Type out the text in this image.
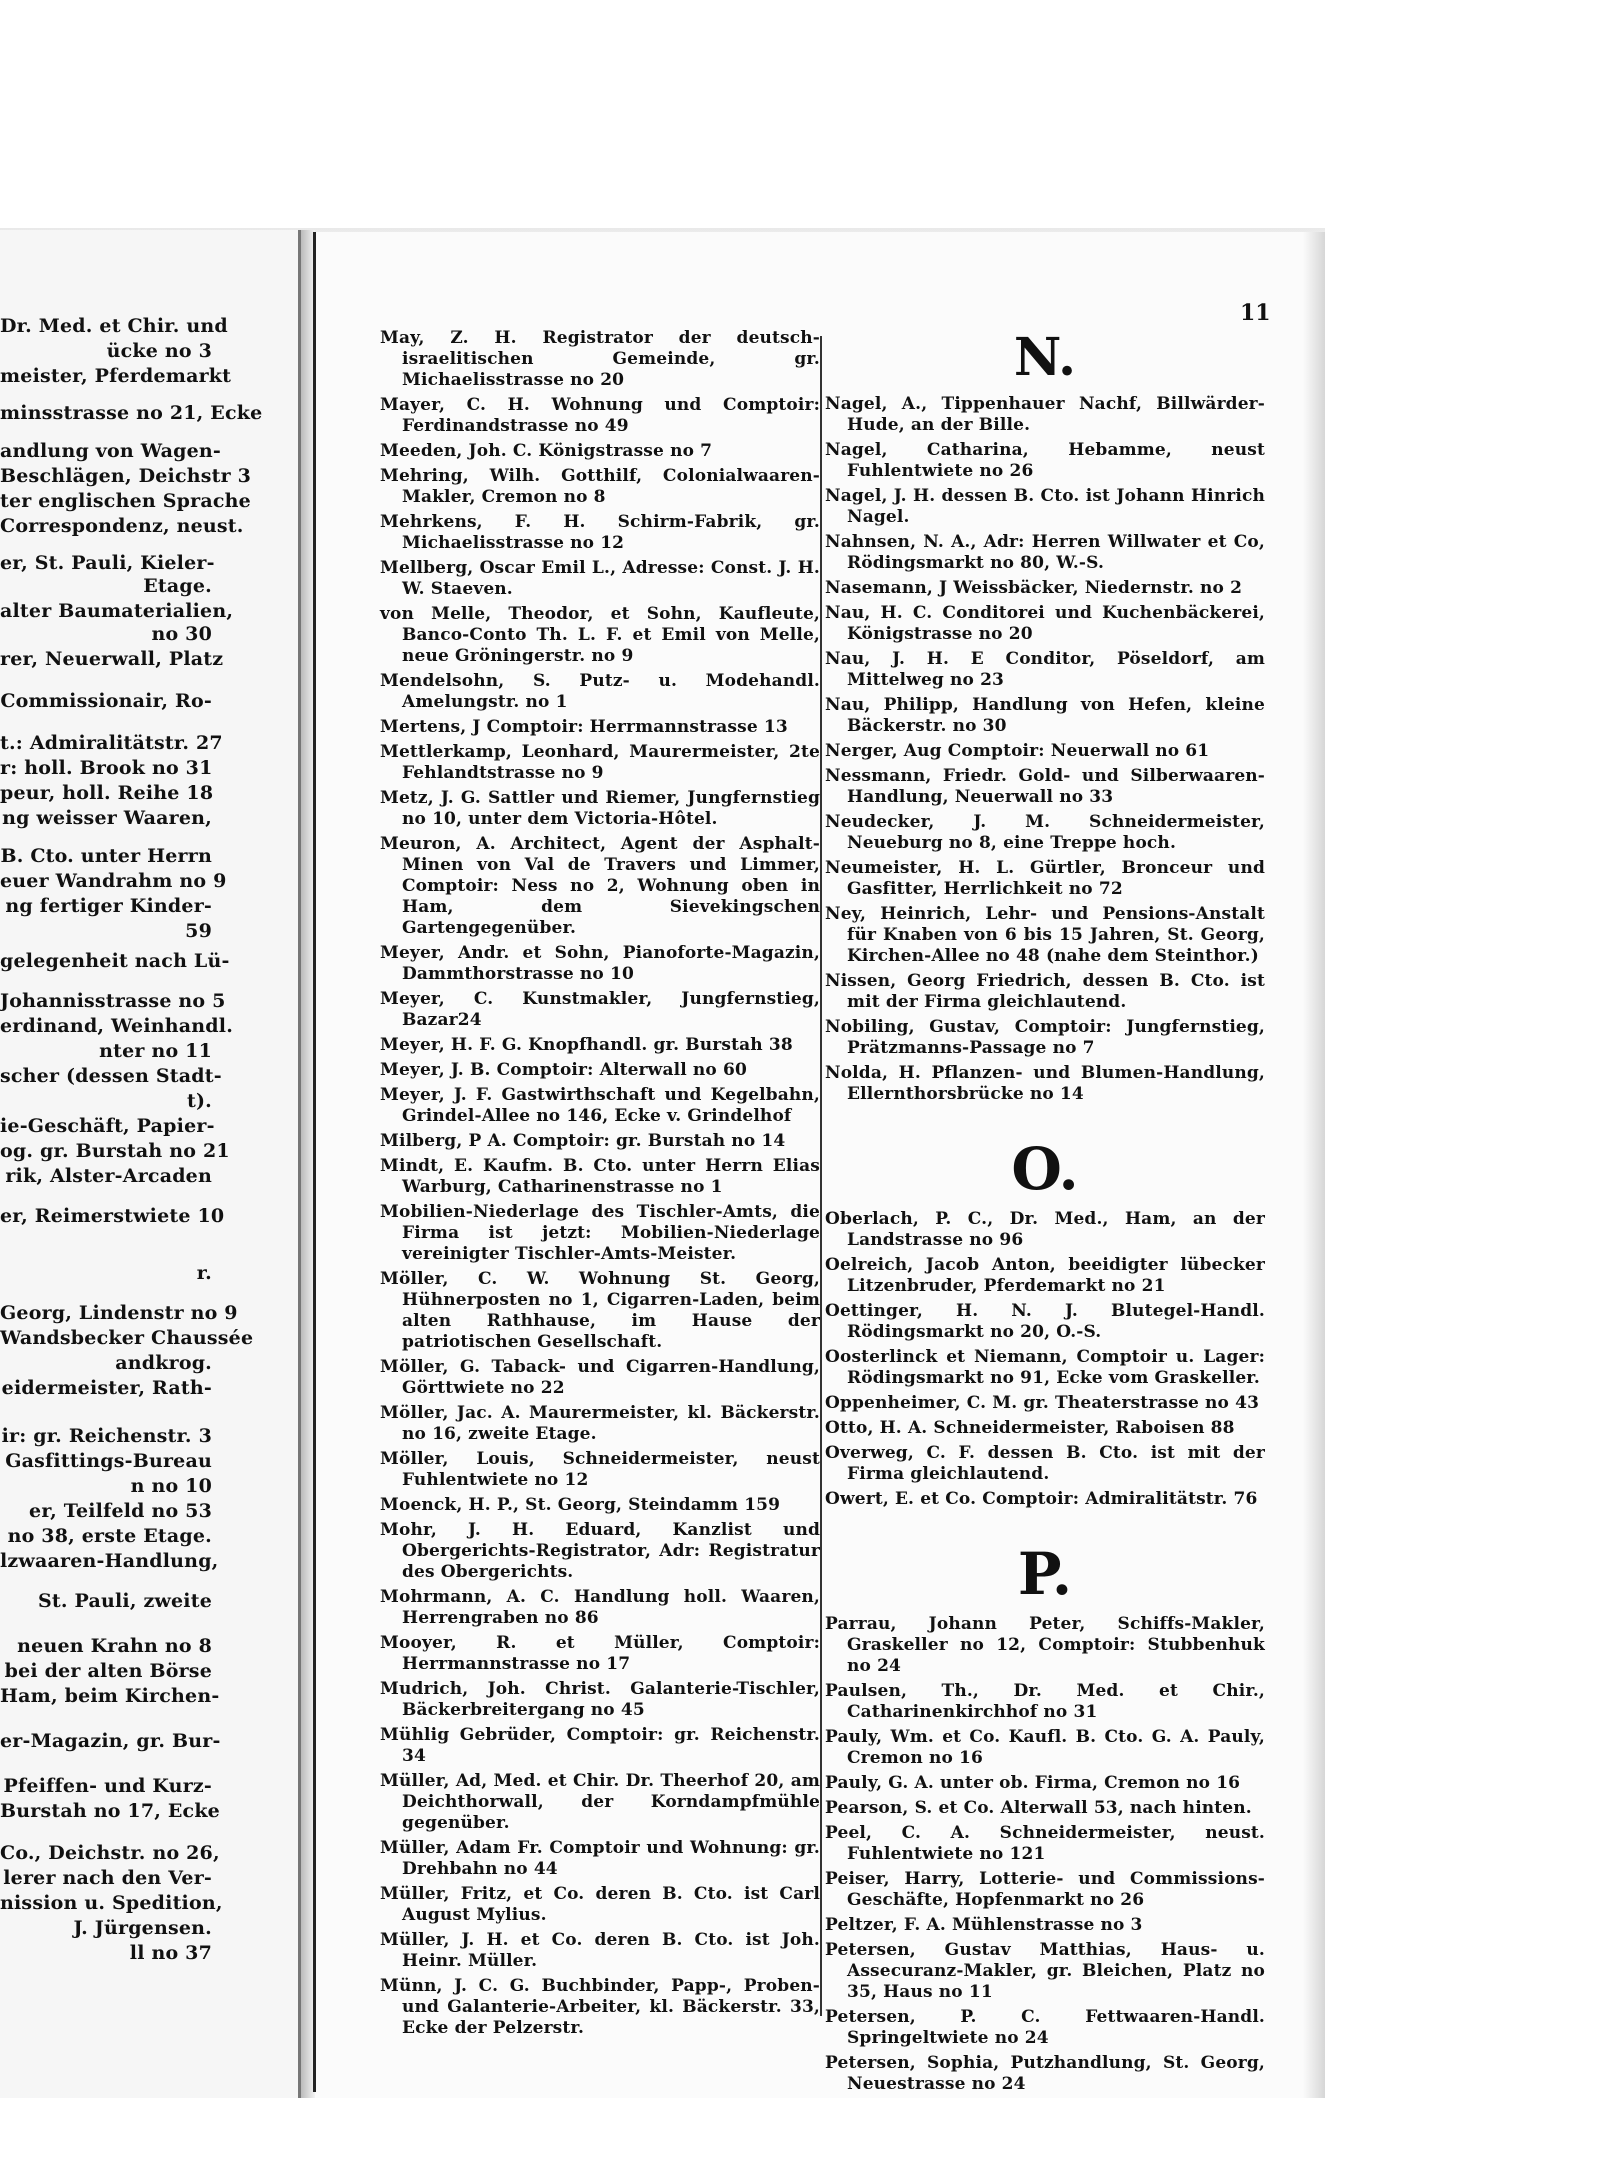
Dr. Med. et Chir. und
ücke no 3
meister, Pferdemarkt
minsstrasse no 21, Ecke
andlung von Wagen-
Beschlägen, Deichstr 3
ter englischen Sprache
Correspondenz, neust.
er, St. Pauli, Kieler-
Etage.
alter Baumaterialien,
no 30
rer, Neuerwall, Platz
Commissionair, Ro-
t.: Admiralitätstr. 27
r: holl. Brook no 31
peur, holl. Reihe 18
ng weisser Waaren,
B. Cto. unter Herrn
euer Wandrahm no 9
ng fertiger Kinder-
59
gelegenheit nach Lü-
Johannisstrasse no 5
erdinand, Weinhandl.
nter no 11
scher (dessen Stadt-
t).
ie-Geschäft, Papier-
og. gr. Burstah no 21
rik, Alster-Arcaden
er, Reimerstwiete 10
r.
Georg, Lindenstr no 9
Wandsbecker Chaussée
andkrog.
eidermeister, Rath-
ir: gr. Reichenstr. 3
Gasfittings-Bureau
n no 10
er, Teilfeld no 53
no 38, erste Etage.
lzwaaren-Handlung,
St. Pauli, zweite
neuen Krahn no 8
bei der alten Börse
Ham, beim Kirchen-
er-Magazin, gr. Bur-
Pfeiffen- und Kurz-
Burstah no 17, Ecke
Co., Deichstr. no 26,
lerer nach den Ver-
nission u. Spedition,
J. Jürgensen.
ll no 37
11

May, Z. H. Registrator der deutsch-israelitischen Gemeinde, gr. Michaelisstrasse no 20

Mayer, C. H. Wohnung und Comptoir: Ferdinandstrasse no 49

Meeden, Joh. C. Königstrasse no 7

Mehring, Wilh. Gotthilf, Colonialwaaren-Makler, Cremon no 8

Mehrkens, F. H. Schirm-Fabrik, gr. Michaelisstrasse no 12

Mellberg, Oscar Emil L., Adresse: Const. J. H. W. Staeven.

von Melle, Theodor, et Sohn, Kaufleute, Banco-Conto Th. L. F. et Emil von Melle, neue Gröningerstr. no 9

Mendelsohn, S. Putz- u. Modehandl. Amelungstr. no 1

Mertens, J Comptoir: Herrmannstrasse 13

Mettlerkamp, Leonhard, Maurermeister, 2te Fehlandtstrasse no 9

Metz, J. G. Sattler und Riemer, Jungfernstieg no 10, unter dem Victoria-Hôtel.

Meuron, A. Architect, Agent der Asphalt-Minen von Val de Travers und Limmer, Comptoir: Ness no 2, Wohnung oben in Ham, dem Sievekingschen Gartengegenüber.

Meyer, Andr. et Sohn, Pianoforte-Magazin, Dammthorstrasse no 10

Meyer, C. Kunstmakler, Jungfernstieg, Bazar24

Meyer, H. F. G. Knopfhandl. gr. Burstah 38

Meyer, J. B. Comptoir: Alterwall no 60

Meyer, J. F. Gastwirthschaft und Kegelbahn, Grindel-Allee no 146, Ecke v. Grindelhof

Milberg, P A. Comptoir: gr. Burstah no 14

Mindt, E. Kaufm. B. Cto. unter Herrn Elias Warburg, Catharinenstrasse no 1

Mobilien-Niederlage des Tischler-Amts, die Firma ist jetzt: Mobilien-Niederlage vereinigter Tischler-Amts-Meister.

Möller, C. W. Wohnung St. Georg, Hühnerposten no 1, Cigarren-Laden, beim alten Rathhause, im Hause der patriotischen Gesellschaft.

Möller, G. Taback- und Cigarren-Handlung, Görttwiete no 22

Möller, Jac. A. Maurermeister, kl. Bäckerstr. no 16, zweite Etage.

Möller, Louis, Schneidermeister, neust Fuhlentwiete no 12

Moenck, H. P., St. Georg, Steindamm 159

Mohr, J. H. Eduard, Kanzlist und Obergerichts-Registrator, Adr: Registratur des Obergerichts.

Mohrmann, A. C. Handlung holl. Waaren, Herrengraben no 86

Mooyer, R. et Müller, Comptoir: Herrmannstrasse no 17

Mudrich, Joh. Christ. Galanterie-Tischler, Bäckerbreitergang no 45

Mühlig Gebrüder, Comptoir: gr. Reichenstr. 34

Müller, Ad, Med. et Chir. Dr. Theerhof 20, am Deichthorwall, der Korndampfmühle gegenüber.

Müller, Adam Fr. Comptoir und Wohnung: gr. Drehbahn no 44

Müller, Fritz, et Co. deren B. Cto. ist Carl August Mylius.

Müller, J. H. et Co. deren B. Cto. ist Joh. Heinr. Müller.

Münn, J. C. G. Buchbinder, Papp-, Proben- und Galanterie-Arbeiter, kl. Bäckerstr. 33, Ecke der Pelzerstr.

N.

Nagel, A., Tippenhauer Nachf, Billwärder-Hude, an der Bille.

Nagel, Catharina, Hebamme, neust Fuhlentwiete no 26

Nagel, J. H. dessen B. Cto. ist Johann Hinrich Nagel.

Nahnsen, N. A., Adr: Herren Willwater et Co, Rödingsmarkt no 80, W.-S.

Nasemann, J Weissbäcker, Niedernstr. no 2

Nau, H. C. Conditorei und Kuchenbäckerei, Königstrasse no 20

Nau, J. H. E Conditor, Pöseldorf, am Mittelweg no 23

Nau, Philipp, Handlung von Hefen, kleine Bäckerstr. no 30

Nerger, Aug Comptoir: Neuerwall no 61

Nessmann, Friedr. Gold- und Silberwaaren-Handlung, Neuerwall no 33

Neudecker, J. M. Schneidermeister, Neueburg no 8, eine Treppe hoch.

Neumeister, H. L. Gürtler, Bronceur und Gasfitter, Herrlichkeit no 72

Ney, Heinrich, Lehr- und Pensions-Anstalt für Knaben von 6 bis 15 Jahren, St. Georg, Kirchen-Allee no 48 (nahe dem Steinthor.)

Nissen, Georg Friedrich, dessen B. Cto. ist mit der Firma gleichlautend.

Nobiling, Gustav, Comptoir: Jungfernstieg, Prätzmanns-Passage no 7

Nolda, H. Pflanzen- und Blumen-Handlung, Ellernthorsbrücke no 14

O.

Oberlach, P. C., Dr. Med., Ham, an der Landstrasse no 96

Oelreich, Jacob Anton, beeidigter lübecker Litzenbruder, Pferdemarkt no 21

Oettinger, H. N. J. Blutegel-Handl. Rödingsmarkt no 20, O.-S.

Oosterlinck et Niemann, Comptoir u. Lager: Rödingsmarkt no 91, Ecke vom Graskeller.

Oppenheimer, C. M. gr. Theaterstrasse no 43

Otto, H. A. Schneidermeister, Raboisen 88

Overweg, C. F. dessen B. Cto. ist mit der Firma gleichlautend.

Owert, E. et Co. Comptoir: Admiralitätstr. 76

P.

Parrau, Johann Peter, Schiffs-Makler, Graskeller no 12, Comptoir: Stubbenhuk no 24

Paulsen, Th., Dr. Med. et Chir., Catharinenkirchhof no 31

Pauly, Wm. et Co. Kaufl. B. Cto. G. A. Pauly, Cremon no 16

Pauly, G. A. unter ob. Firma, Cremon no 16

Pearson, S. et Co. Alterwall 53, nach hinten.

Peel, C. A. Schneidermeister, neust. Fuhlentwiete no 121

Peiser, Harry, Lotterie- und Commissions-Geschäfte, Hopfenmarkt no 26

Peltzer, F. A. Mühlenstrasse no 3

Petersen, Gustav Matthias, Haus- u. Assecuranz-Makler, gr. Bleichen, Platz no 35, Haus no 11

Petersen, P. C. Fettwaaren-Handl. Springeltwiete no 24

Petersen, Sophia, Putzhandlung, St. Georg, Neuestrasse no 24
